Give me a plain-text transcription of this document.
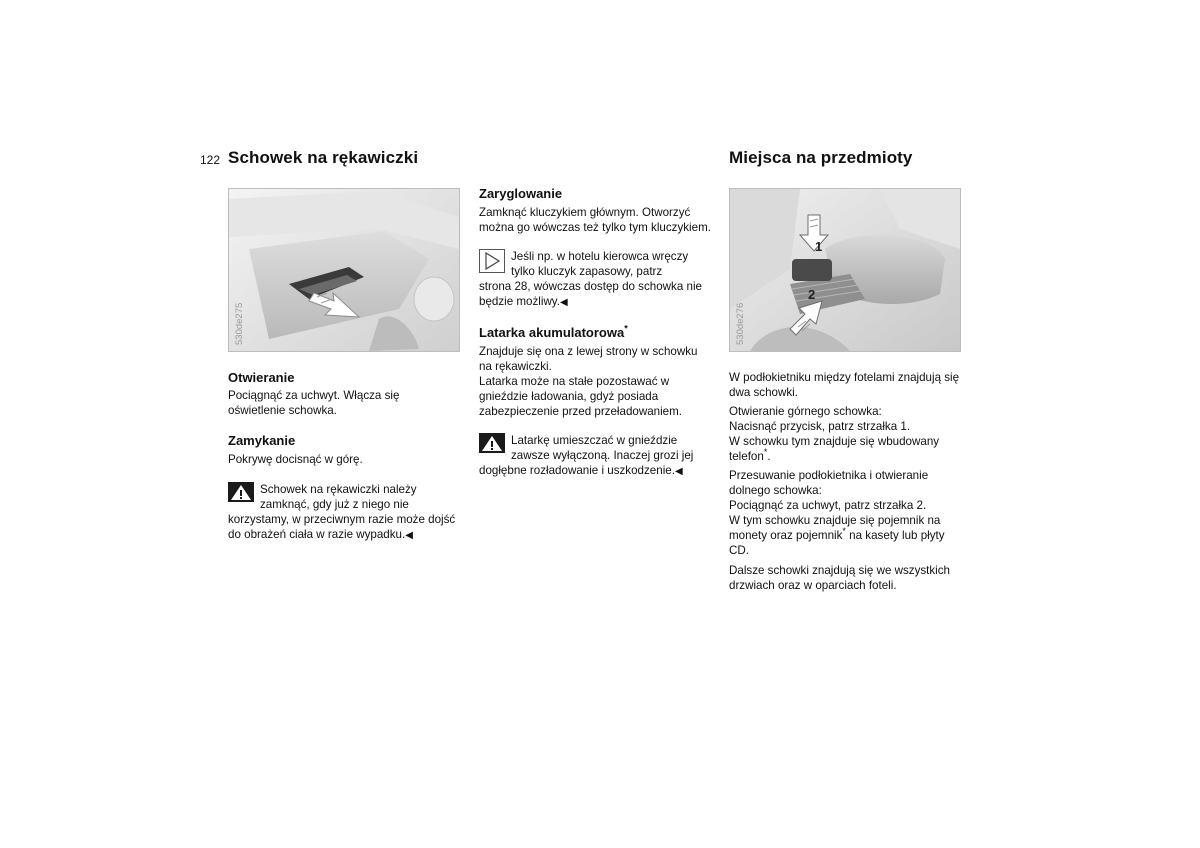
122 Schowek na rękawiczki
530de275
Otwieranie

Pociągnąć za uchwyt. Włącza się

oświetlenie schowka.

Zamykanie

Pokrywę docisnąć w górę.

Schowek na rękawiczki należy

zamknąć, gdy już z niego nie

korzystamy, w przeciwnym razie może dojść

do obrażeń ciała w razie wypadku.◀

Zaryglowanie

Zamknąć kluczykiem głównym. Otworzyć

można go wówczas też tylko tym kluczykiem.

Jeśli np. w hotelu kierowca wręczy

tylko kluczyk zapasowy, patrz

strona 28, wówczas dostęp do schowka nie

będzie możliwy.◀

Latarka akumulatorowa*

Znajduje się ona z lewej strony w schowku

na rękawiczki.

Latarka może na stałe pozostawać w

gnieździe ładowania, gdyż posiada

zabezpieczenie przed przeładowaniem.

Latarkę umieszczać w gnieździe

zawsze wyłączoną. Inaczej grozi jej

dogłębne rozładowanie i uszkodzenie.◀

Miejsca na przedmioty
1
2
530de276

W podłokietniku między fotelami znajdują się

dwa schowki.

Otwieranie górnego schowka:

Nacisnąć przycisk, patrz strzałka 1.

W schowku tym znajduje się wbudowany

telefon*.

Przesuwanie podłokietnika i otwieranie

dolnego schowka:

Pociągnąć za uchwyt, patrz strzałka 2.

W tym schowku znajduje się pojemnik na

monety oraz pojemnik* na kasety lub płyty

CD.

Dalsze schowki znajdują się we wszystkich

drzwiach oraz w oparciach foteli.
